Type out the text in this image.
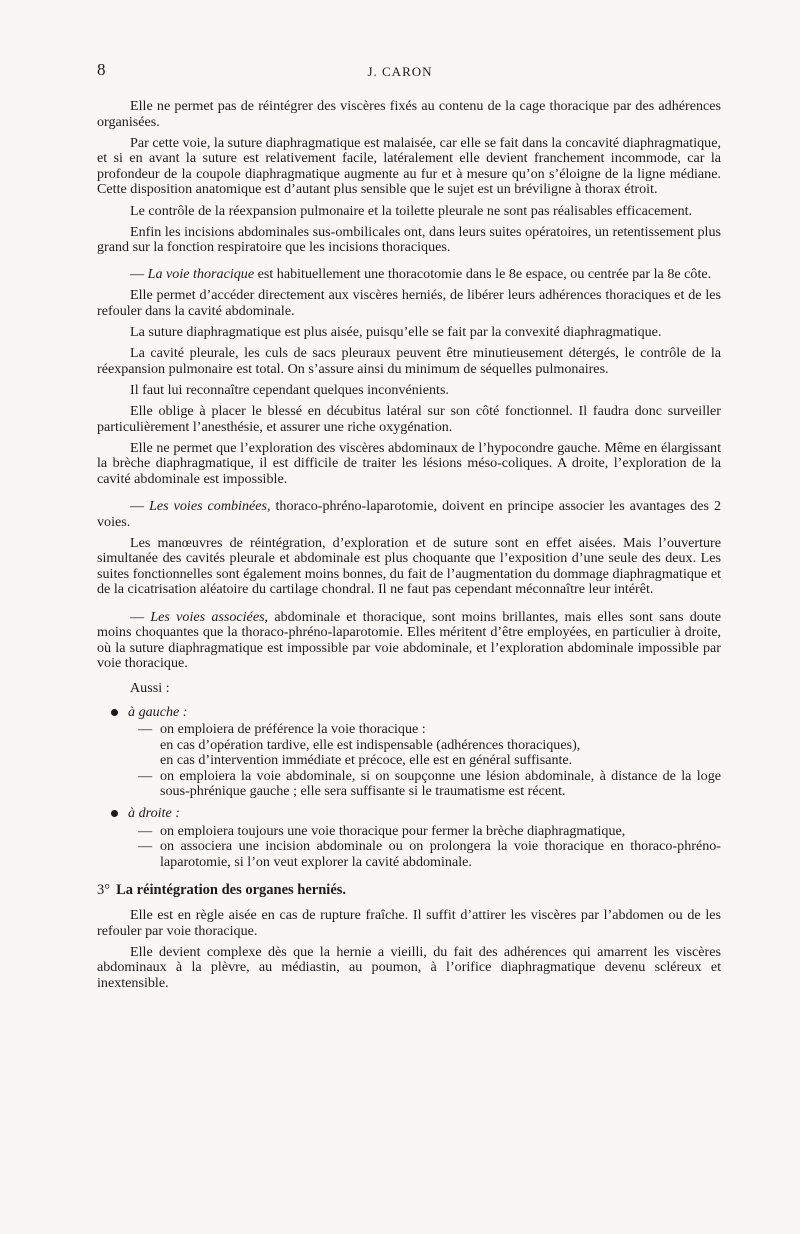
8	J. CARON

Elle ne permet pas de réintégrer des viscères fixés au contenu de la cage thoracique par des adhérences organisées.

Par cette voie, la suture diaphragmatique est malaisée, car elle se fait dans la concavité diaphragmatique, et si en avant la suture est relativement facile, latéralement elle devient franchement incommode, car la profondeur de la coupole diaphragmatique augmente au fur et à mesure qu’on s’éloigne de la ligne médiane. Cette disposition anatomique est d’autant plus sensible que le sujet est un bréviligne à thorax étroit.

Le contrôle de la réexpansion pulmonaire et la toilette pleurale ne sont pas réalisables efficacement.

Enfin les incisions abdominales sus-ombilicales ont, dans leurs suites opératoires, un retentissement plus grand sur la fonction respiratoire que les incisions thoraciques.

— La voie thoracique est habituellement une thoracotomie dans le 8e espace, ou centrée par la 8e côte.

Elle permet d’accéder directement aux viscères herniés, de libérer leurs adhérences thoraciques et de les refouler dans la cavité abdominale.

La suture diaphragmatique est plus aisée, puisqu’elle se fait par la convexité diaphragmatique.

La cavité pleurale, les culs de sacs pleuraux peuvent être minutieusement détergés, le contrôle de la réexpansion pulmonaire est total. On s’assure ainsi du minimum de séquelles pulmonaires.

Il faut lui reconnaître cependant quelques inconvénients.

Elle oblige à placer le blessé en décubitus latéral sur son côté fonctionnel. Il faudra donc surveiller particulièrement l’anesthésie, et assurer une riche oxygénation.

Elle ne permet que l’exploration des viscères abdominaux de l’hypocondre gauche. Même en élargissant la brèche diaphragmatique, il est difficile de traiter les lésions méso-coliques. A droite, l’exploration de la cavité abdominale est impossible.

— Les voies combinées, thoraco-phréno-laparotomie, doivent en principe associer les avantages des 2 voies.

Les manœuvres de réintégration, d’exploration et de suture sont en effet aisées. Mais l’ouverture simultanée des cavités pleurale et abdominale est plus choquante que l’exposition d’une seule des deux. Les suites fonctionnelles sont également moins bonnes, du fait de l’augmentation du dommage diaphragmatique et de la cicatrisation aléatoire du cartilage chondral. Il ne faut pas cependant méconnaître leur intérêt.

— Les voies associées, abdominale et thoracique, sont moins brillantes, mais elles sont sans doute moins choquantes que la thoraco-phréno-laparotomie. Elles méritent d’être employées, en particulier à droite, où la suture diaphragmatique est impossible par voie abdominale, et l’exploration abdominale impossible par voie thoracique.

Aussi :

à gauche :
— on emploiera de préférence la voie thoracique :
en cas d’opération tardive, elle est indispensable (adhérences thoraciques),
en cas d’intervention immédiate et précoce, elle est en général suffisante.
— on emploiera la voie abdominale, si on soupçonne une lésion abdominale, à distance de la loge sous-phrénique gauche ; elle sera suffisante si le traumatisme est récent.
à droite :
— on emploiera toujours une voie thoracique pour fermer la brèche diaphragmatique,
— on associera une incision abdominale ou on prolongera la voie thoracique en thoraco-phréno-laparotomie, si l’on veut explorer la cavité abdominale.
3° La réintégration des organes herniés.

Elle est en règle aisée en cas de rupture fraîche. Il suffit d’attirer les viscères par l’abdomen ou de les refouler par voie thoracique.

Elle devient complexe dès que la hernie a vieilli, du fait des adhérences qui amarrent les viscères abdominaux à la plèvre, au médiastin, au poumon, à l’orifice diaphragmatique devenu scléreux et inextensible.
